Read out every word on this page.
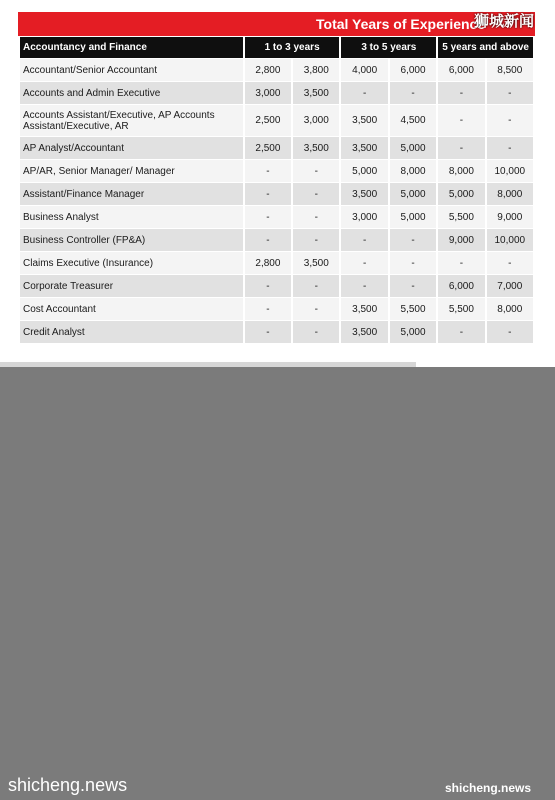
Total Years of Experience
狮城新闻
Accountancy and Finance	1 to 3 years		3 to 5 years		5 years and above	
Accountant/Senior Accountant	2,800	3,800	4,000	6,000	6,000	8,500
Accounts and Admin Executive	3,000	3,500	-	-	-	-
Accounts Assistant/Executive, AP Accounts Assistant/Executive, AR	2,500	3,000	3,500	4,500	-	-
AP Analyst/Accountant	2,500	3,500	3,500	5,000	-	-
AP/AR, Senior Manager/ Manager	-	-	5,000	8,000	8,000	10,000
Assistant/Finance Manager	-	-	3,500	5,000	5,000	8,000
Business Analyst	-	-	3,000	5,000	5,500	9,000
Business Controller (FP&A)	-	-	-	-	9,000	10,000
Claims Executive (Insurance)	2,800	3,500	-	-	-	-
Corporate Treasurer	-	-	-	-	6,000	7,000
Cost Accountant	-	-	3,500	5,500	5,500	8,000
Credit Analyst	-	-	3,500	5,000	-	-
shicheng.news	shicheng.news
